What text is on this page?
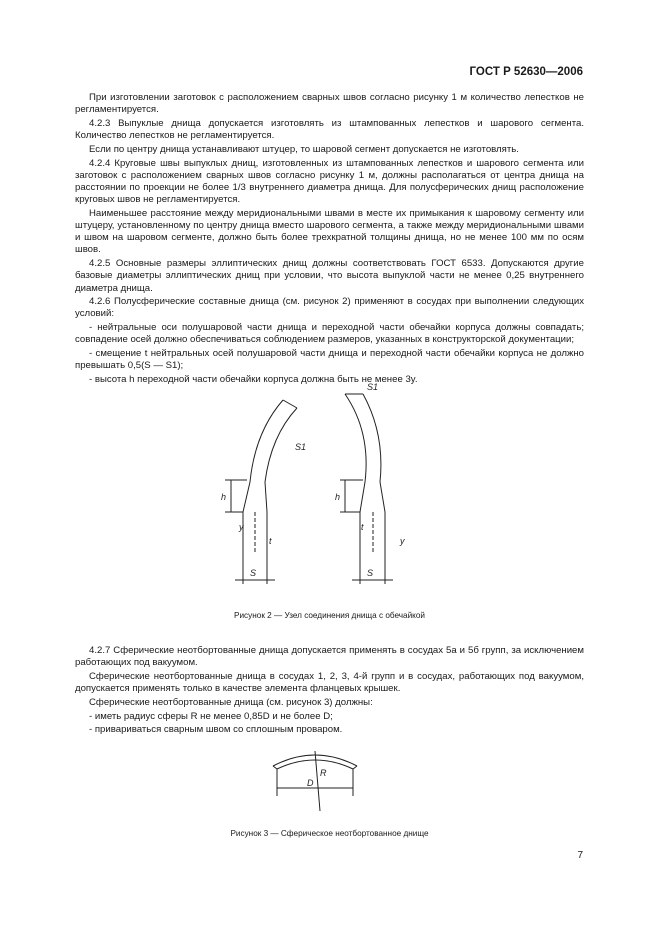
ГОСТ Р 52630—2006

При изготовлении заготовок с расположением сварных швов согласно рисунку 1 м количество лепестков не регламентируется.

4.2.3 Выпуклые днища допускается изготовлять из штампованных лепестков и шарового сегмента. Количество лепестков не регламентируется.

Если по центру днища устанавливают штуцер, то шаровой сегмент допускается не изготовлять.

4.2.4 Круговые швы выпуклых днищ, изготовленных из штампованных лепестков и шарового сегмента или заготовок с расположением сварных швов согласно рисунку 1 м, должны располагаться от центра днища на расстоянии по проекции не более 1/3 внутреннего диаметра днища. Для полусферических днищ расположение круговых швов не регламентируется.

Наименьшее расстояние между меридиональными швами в месте их примыкания к шаровому сегменту или штуцеру, установленному по центру днища вместо шарового сегмента, а также между меридиональными швами и швом на шаровом сегменте, должно быть более трехкратной толщины днища, но не менее 100 мм по осям швов.

4.2.5 Основные размеры эллиптических днищ должны соответствовать ГОСТ 6533. Допускаются другие базовые диаметры эллиптических днищ при условии, что высота выпуклой части не менее 0,25 внутреннего диаметра днища.

4.2.6 Полусферические составные днища (см. рисунок 2) применяют в сосудах при выполнении следующих условий:

- нейтральные оси полушаровой части днища и переходной части обечайки корпуса должны совпадать; совпадение осей должно обеспечиваться соблюдением размеров, указанных в конструкторской документации;

- смещение t нейтральных осей полушаровой части днища и переходной части обечайки корпуса не должно превышать 0,5(S — S1);

- высота h переходной части обечайки корпуса должна быть не менее 3y.

h
S1
y
t
S
S1
h
t
y
S
Рисунок 2 — Узел соединения днища с обечайкой

4.2.7 Сферические неотбортованные днища допускается применять в сосудах 5а и 5б групп, за исключением работающих под вакуумом.

Сферические неотбортованные днища в сосудах 1, 2, 3, 4-й групп и в сосудах, работающих под вакуумом, допускается применять только в качестве элемента фланцевых крышек.

Сферические неотбортованные днища (см. рисунок 3) должны:

- иметь радиус сферы R не менее 0,85D и не более D;

- привариваться сварным швом со сплошным проваром.

D
R
Рисунок 3 — Сферическое неотбортованное днище
7
